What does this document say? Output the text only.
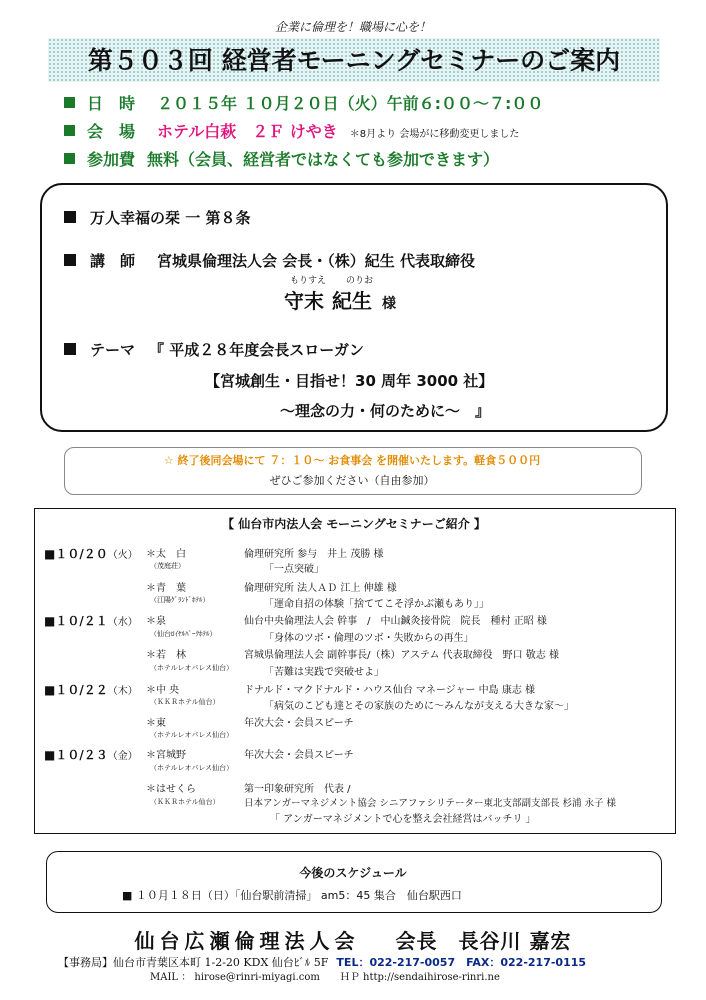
企業に倫理を！職場に心を！
第５０３回 経営者モーニングセミナーのご案内
日　時 ２０１５年 １０月２０日（火）午前６:００～７:００
会　場 ホテル白萩　２Ｆ けやき ＊8月より 会場がに移動変更しました
参加費 無料（会員、経営者ではなくても参加できます）
万人幸福の栞 一 第８条
講　師 宮城県倫理法人会 会長・（株）紀生 代表取締役
もりすえ のりお
守末 紀生 様
テーマ 『 平成２８年度会長スローガン
【宮城創生・目指せ！30 周年 3000 社】
～理念の力・何のために～　』
☆ 終了後同会場にて ７：１０～ お食事会 を開催いたします。軽食５００円
ぜひご参加ください（自由参加）
【 仙台市内法人会 モーニングセミナーご紹介 】
■１０/２０（火）
■１０/２１（水）
■１０/２２（木）
■１０/２３（金）
＊太　白
（茂庭荘）
倫理研究所 参与　井上 茂勝 様
「一点突破」
＊青　葉
（江陽ｸﾞﾗﾝﾄﾞﾎﾃﾙ）
倫理研究所 法人ＡＤ 江上 伸雄 様
「運命自招の体験「捨ててこそ浮かぶ瀬もあり」」
＊泉
（仙台ﾛｲﾔﾙﾊﾟｰｸﾎﾃﾙ）
仙台中央倫理法人会 幹事　/　中山鍼灸接骨院　院長　種村 正昭 様
「身体のツボ・倫理のツボ・失敗からの再生」
＊若　林
（ホテルレオパレス仙台）
宮城県倫理法人会 副幹事長/（株）アステム 代表取締役　野口 敬志 様
「苦難は実践で突破せよ」
＊中 央
（ＫＫＲホテル仙台）
ドナルド・マクドナルド・ハウス仙台 マネージャー 中島 康志 様
「病気のこども達とその家族のために～みんなが支える大きな家～」
＊東
（ホテルレオパレス仙台）
年次大会・会員スピーチ
＊宮城野
（ホテルレオパレス仙台）
年次大会・会員スピーチ
＊はせくら
（ＫＫＲホテル仙台）
第一印象研究所　代表 /
日本アンガーマネジメント協会 シニアファシリテーター東北支部副支部長 杉浦 永子 様
「 アンガーマネジメントで心を整え会社経営はバッチリ 」
今後のスケジュール
■ １０月１８日（日）「仙台駅前清掃」 am5：45 集合　仙台駅西口
仙台広瀬倫理法人会 会長　長谷川 嘉宏
【事務局】仙台市青葉区本町 1-2-20 KDX 仙台ﾋﾞﾙ 5F TEL：022-217-0057　FAX：022-217-0115
MAIL ： hirose@rinri-miyagi.com　　ＨＰ http://sendaihirose-rinri.ne
